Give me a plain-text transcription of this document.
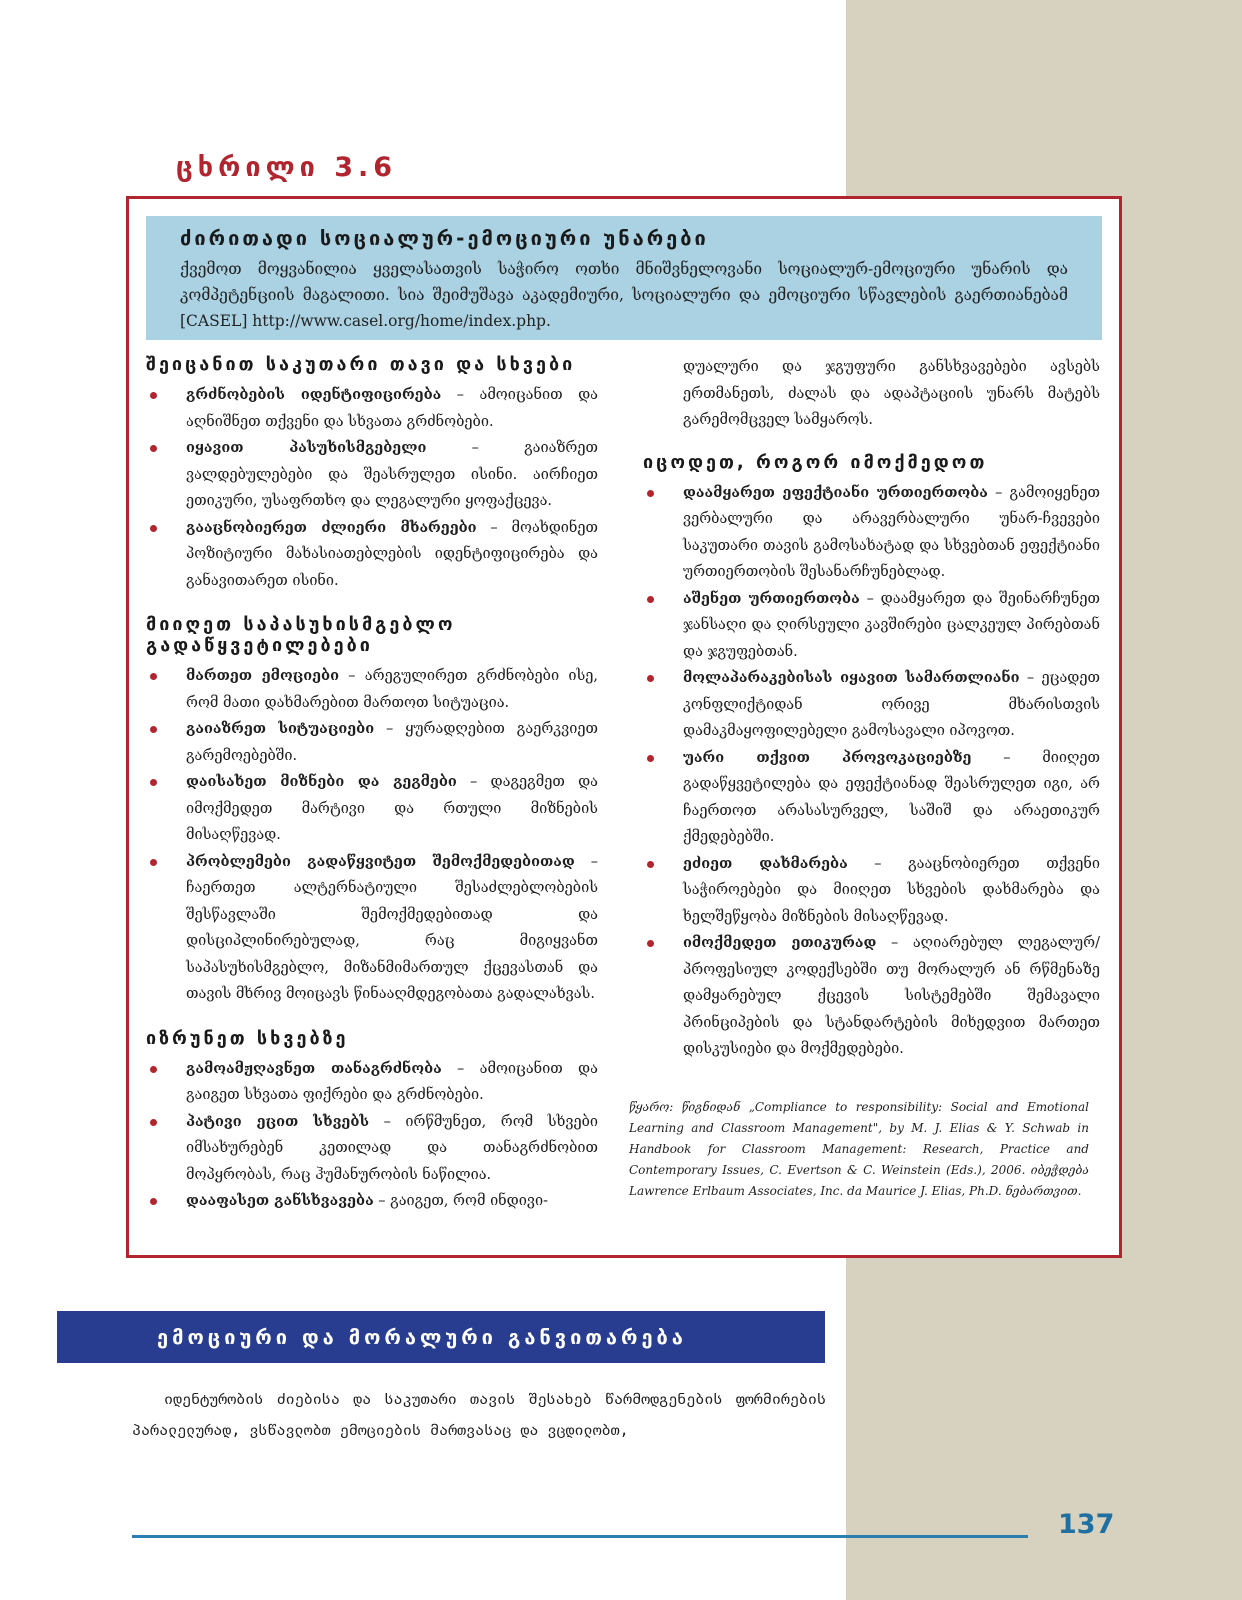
ცხრილი 3.6
ძირითადი სოციალურ-ემოციური უნარები
ქვემოთ მოყვანილია ყველასათვის საჭირო ოთხი მნიშვნელოვანი სოციალურ-ემოციური უნარის და კომპეტენციის მაგალითი. სია შეიმუშავა აკადემიური, სოციალური და ემოციური სწავლების გაერთიანებამ [CASEL] http://www.casel.org/home/index.php.
შეიცანით საკუთარი თავი და სხვები
გრძნობების იდენტიფიცირება – ამოიცანით და აღნიშნეთ თქვენი და სხვათა გრძნობები.
იყავით პასუხისმგებელი – გაიაზრეთ ვალდებულებები და შეასრულეთ ისინი. აირჩიეთ ეთიკური, უსაფრთხო და ლეგალური ყოფაქცევა.
გააცნობიერეთ ძლიერი მხარეები – მოახდინეთ პოზიტიური მახასიათებლების იდენტიფიცირება და განავითარეთ ისინი.
მიიღეთ საპასუხისმგებლო გადაწყვეტილებები
მართეთ ემოციები – არეგულირეთ გრძნობები ისე, რომ მათი დახმარებით მართოთ სიტუაცია.
გაიაზრეთ სიტუაციები – ყურადღებით გაერკვიეთ გარემოებებში.
დაისახეთ მიზნები და გეგმები – დაგეგმეთ და იმოქმედეთ მარტივი და რთული მიზნების მისაღწევად.
პრობლემები გადაწყვიტეთ შემოქმედებითად – ჩაერთეთ ალტერნატიული შესაძლებლობების შესწავლაში შემოქმედებითად და დისციპლინირებულად, რაც მიგიყვანთ საპასუხისმგებლო, მიზანმიმართულ ქცევასთან და თავის მხრივ მოიცავს წინააღმდეგობათა გადალახვას.
იზრუნეთ სხვებზე
გამოამჟღავნეთ თანაგრძნობა – ამოიცანით და გაიგეთ სხვათა ფიქრები და გრძნობები.
პატივი ეცით სხვებს – ირწმუნეთ, რომ სხვები იმსახურებენ კეთილად და თანაგრძნობით მოპყრობას, რაც ჰუმანურობის ნაწილია.
დააფასეთ განსხვავება – გაიგეთ, რომ ინდივი-
დუალური და ჯგუფური განსხვავებები ავსებს ერთმანეთს, ძალას და ადაპტაციის უნარს მატებს გარემომცველ სამყაროს.
იცოდეთ, როგორ იმოქმედოთ
დაამყარეთ ეფექტიანი ურთიერთობა – გამოიყენეთ ვერბალური და არავერბალური უნარ-ჩვევები საკუთარი თავის გამოსახატად და სხვებთან ეფექტიანი ურთიერთობის შესანარჩუნებლად.
აშენეთ ურთიერთობა – დაამყარეთ და შეინარჩუნეთ ჯანსაღი და ღირსეული კავშირები ცალკეულ პირებთან და ჯგუფებთან.
მოლაპარაკებისას იყავით სამართლიანი – ეცადეთ კონფლიქტიდან ორივე მხარისთვის დამაკმაყოფილებელი გამოსავალი იპოვოთ.
უარი თქვით პროვოკაციებზე – მიიღეთ გადაწყვეტილება და ეფექტიანად შეასრულეთ იგი, არ ჩაერთოთ არასასურველ, საშიშ და არაეთიკურ ქმედებებში.
ეძიეთ დახმარება – გააცნობიერეთ თქვენი საჭიროებები და მიიღეთ სხვების დახმარება და ხელშეწყობა მიზნების მისაღწევად.
იმოქმედეთ ეთიკურად – აღიარებულ ლეგალურ/პროფესიულ კოდექსებში თუ მორალურ ან რწმენაზე დამყარებულ ქცევის სისტემებში შემავალი პრინციპების და სტანდარტების მიხედვით მართეთ დისკუსიები და მოქმედებები.
წყარო: წიგნიდან „Compliance to responsibility: Social and Emotional Learning and Classroom Management", by M. J. Elias & Y. Schwab in Handbook for Classroom Management: Research, Practice and Contemporary Issues, C. Evertson & C. Weinstein (Eds.), 2006. იბეჭდება Lawrence Erlbaum Associates, Inc. da Maurice J. Elias, Ph.D. ნებართვით.
ემოციური და მორალური განვითარება
იდენტურობის ძიებისა და საკუთარი თავის შესახებ წარმოდგენების ფორმირების პარალელურად, ვსწავლობთ ემოციების მართვასაც და ვცდილობთ,
137
